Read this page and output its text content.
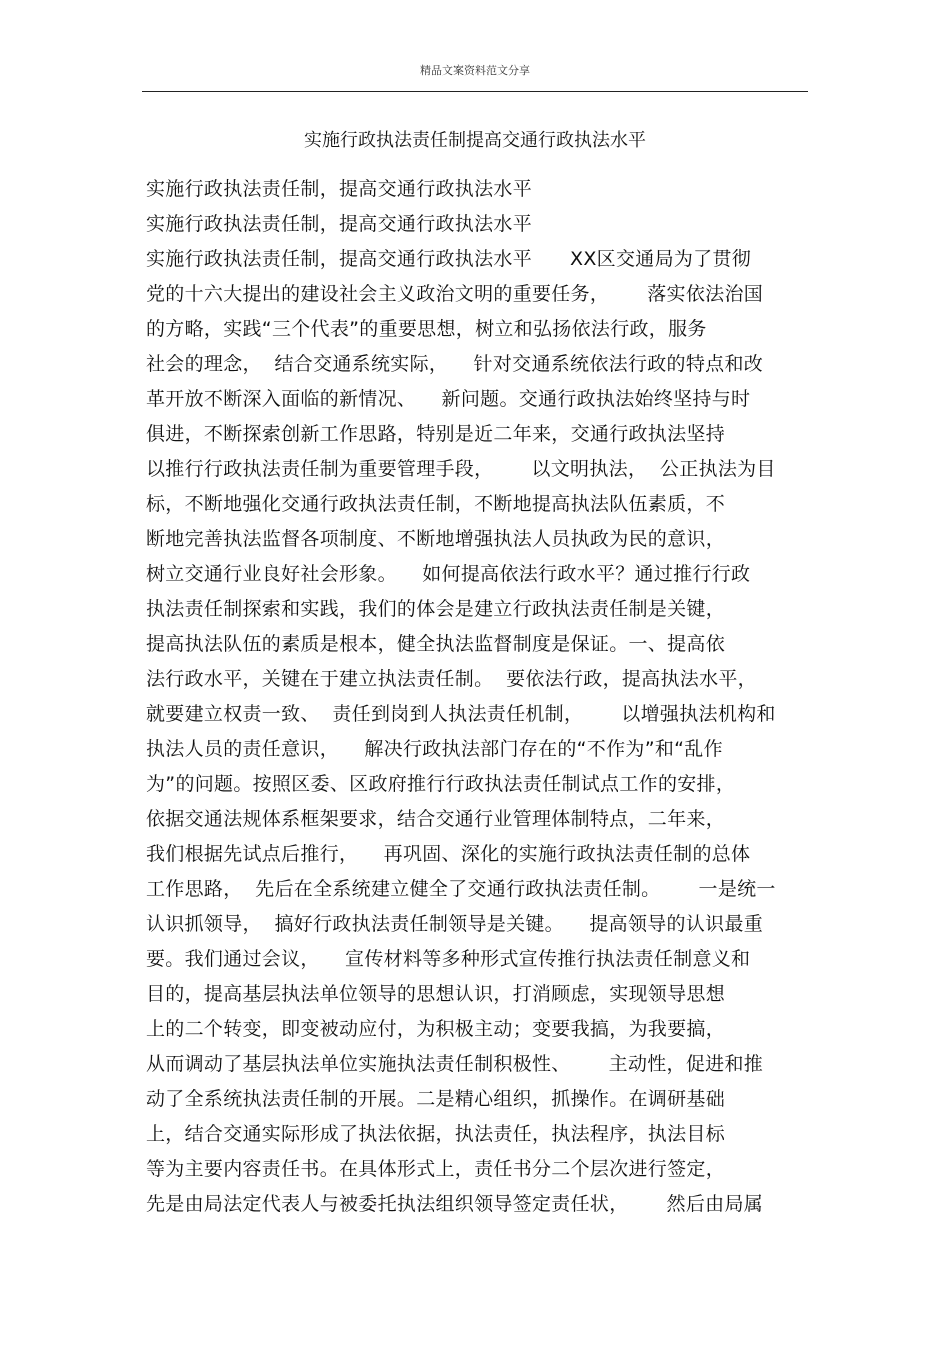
精品文案资料范文分享
实施行政执法责任制提高交通行政执法水平
实施行政执法责任制，提高交通行政执法水平
实施行政执法责任制，提高交通行政执法水平
实施行政执法责任制，提高交通行政执法水平      XX区交通局为了贯彻
党的十六大提出的建设社会主义政治文明的重要任务，      落实依法治国
的方略，实践“三个代表”的重要思想，树立和弘扬依法行政，服务
社会的理念，  结合交通系统实际，    针对交通系统依法行政的特点和改
革开放不断深入面临的新情况、    新问题。交通行政执法始终坚持与时
俱进，不断探索创新工作思路，特别是近二年来，交通行政执法坚持
以推行行政执法责任制为重要管理手段，      以文明执法，  公正执法为目
标，不断地强化交通行政执法责任制，不断地提高执法队伍素质，不
断地完善执法监督各项制度、不断地增强执法人员执政为民的意识，
树立交通行业良好社会形象。    如何提高依法行政水平？通过推行行政
执法责任制探索和实践，我们的体会是建立行政执法责任制是关键，
提高执法队伍的素质是根本，健全执法监督制度是保证。一、提高依
法行政水平，关键在于建立执法责任制。  要依法行政，提高执法水平，
就要建立权责一致、  责任到岗到人执法责任机制，      以增强执法机构和
执法人员的责任意识，    解决行政执法部门存在的“不作为”和“乱作
为”的问题。按照区委、区政府推行行政执法责任制试点工作的安排，
依据交通法规体系框架要求，结合交通行业管理体制特点，二年来，
我们根据先试点后推行，    再巩固、深化的实施行政执法责任制的总体
工作思路，  先后在全系统建立健全了交通行政执法责任制。      一是统一
认识抓领导，  搞好行政执法责任制领导是关键。    提高领导的认识最重
要。我们通过会议，    宣传材料等多种形式宣传推行执法责任制意义和
目的，提高基层执法单位领导的思想认识，打消顾虑，实现领导思想
上的二个转变，即变被动应付，为积极主动；变要我搞，为我要搞，
从而调动了基层执法单位实施执法责任制积极性、      主动性，促进和推
动了全系统执法责任制的开展。二是精心组织，抓操作。在调研基础
上，结合交通实际形成了执法依据，执法责任，执法程序，执法目标
等为主要内容责任书。在具体形式上，责任书分二个层次进行签定，
先是由局法定代表人与被委托执法组织领导签定责任状，      然后由局属
